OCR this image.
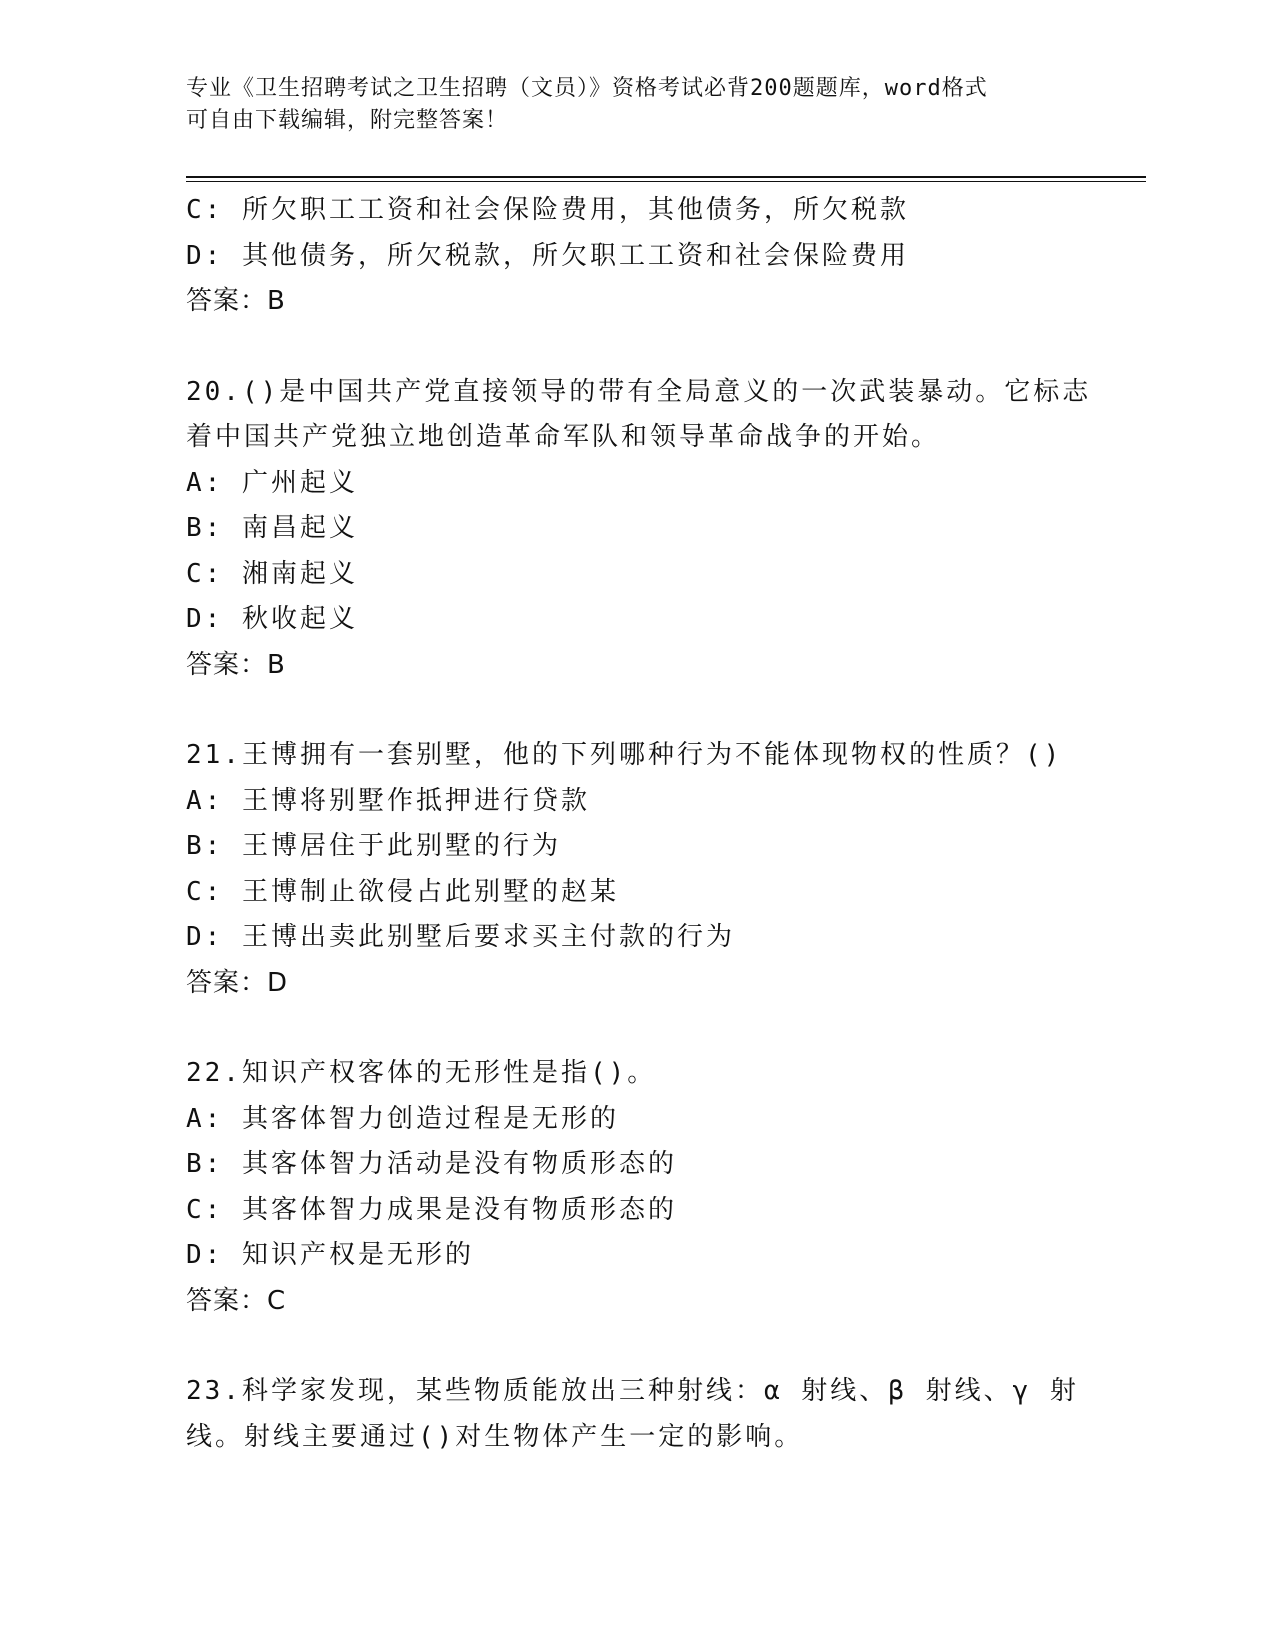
专业《卫生招聘考试之卫生招聘（文员）》资格考试必背200题题库，word格式
可自由下载编辑，附完整答案！
C: 所欠职工工资和社会保险费用，其他债务，所欠税款
D: 其他债务，所欠税款，所欠职工工资和社会保险费用
答案：B
20.()是中国共产党直接领导的带有全局意义的一次武装暴动。它标志
着中国共产党独立地创造革命军队和领导革命战争的开始。
A: 广州起义
B: 南昌起义
C: 湘南起义
D: 秋收起义
答案：B
21.王博拥有一套别墅，他的下列哪种行为不能体现物权的性质？()
A: 王博将别墅作抵押进行贷款
B: 王博居住于此别墅的行为
C: 王博制止欲侵占此别墅的赵某
D: 王博出卖此别墅后要求买主付款的行为
答案：D
22.知识产权客体的无形性是指()。
A: 其客体智力创造过程是无形的
B: 其客体智力活动是没有物质形态的
C: 其客体智力成果是没有物质形态的
D: 知识产权是无形的
答案：C
23.科学家发现，某些物质能放出三种射线：α 射线、β 射线、γ 射
线。射线主要通过()对生物体产生一定的影响。
